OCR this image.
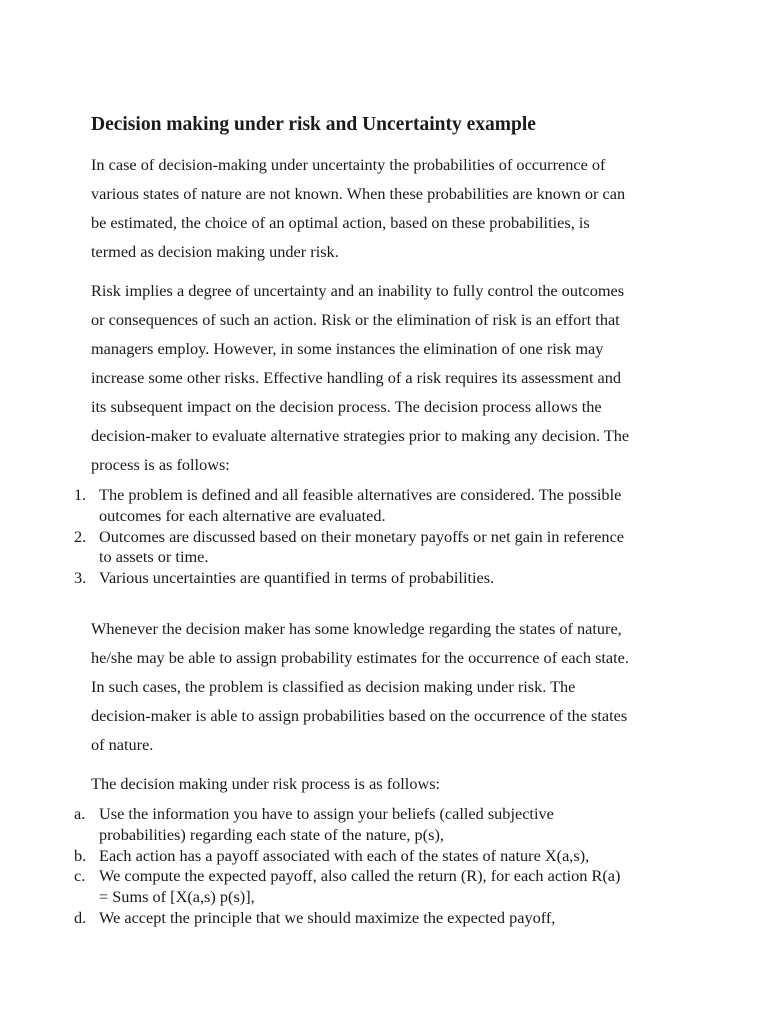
Decision making under risk and Uncertainty example

In case of decision-making under uncertainty the probabilities of occurrence of
various states of nature are not known. When these probabilities are known or can
be estimated, the choice of an optimal action, based on these probabilities, is
termed as decision making under risk.

Risk implies a degree of uncertainty and an inability to fully control the outcomes
or consequences of such an action. Risk or the elimination of risk is an effort that
managers employ. However, in some instances the elimination of one risk may
increase some other risks. Effective handling of a risk requires its assessment and
its subsequent impact on the decision process. The decision process allows the
decision-maker to evaluate alternative strategies prior to making any decision. The
process is as follows:

1. The problem is defined and all feasible alternatives are considered. The possible
outcomes for each alternative are evaluated.
2. Outcomes are discussed based on their monetary payoffs or net gain in reference
to assets or time.
3. Various uncertainties are quantified in terms of probabilities.

Whenever the decision maker has some knowledge regarding the states of nature,
he/she may be able to assign probability estimates for the occurrence of each state.
In such cases, the problem is classified as decision making under risk. The
decision-maker is able to assign probabilities based on the occurrence of the states
of nature.

The decision making under risk process is as follows:

a. Use the information you have to assign your beliefs (called subjective
probabilities) regarding each state of the nature, p(s),
b. Each action has a payoff associated with each of the states of nature X(a,s),
c. We compute the expected payoff, also called the return (R), for each action R(a)
= Sums of [X(a,s) p(s)],
d. We accept the principle that we should maximize the expected payoff,
